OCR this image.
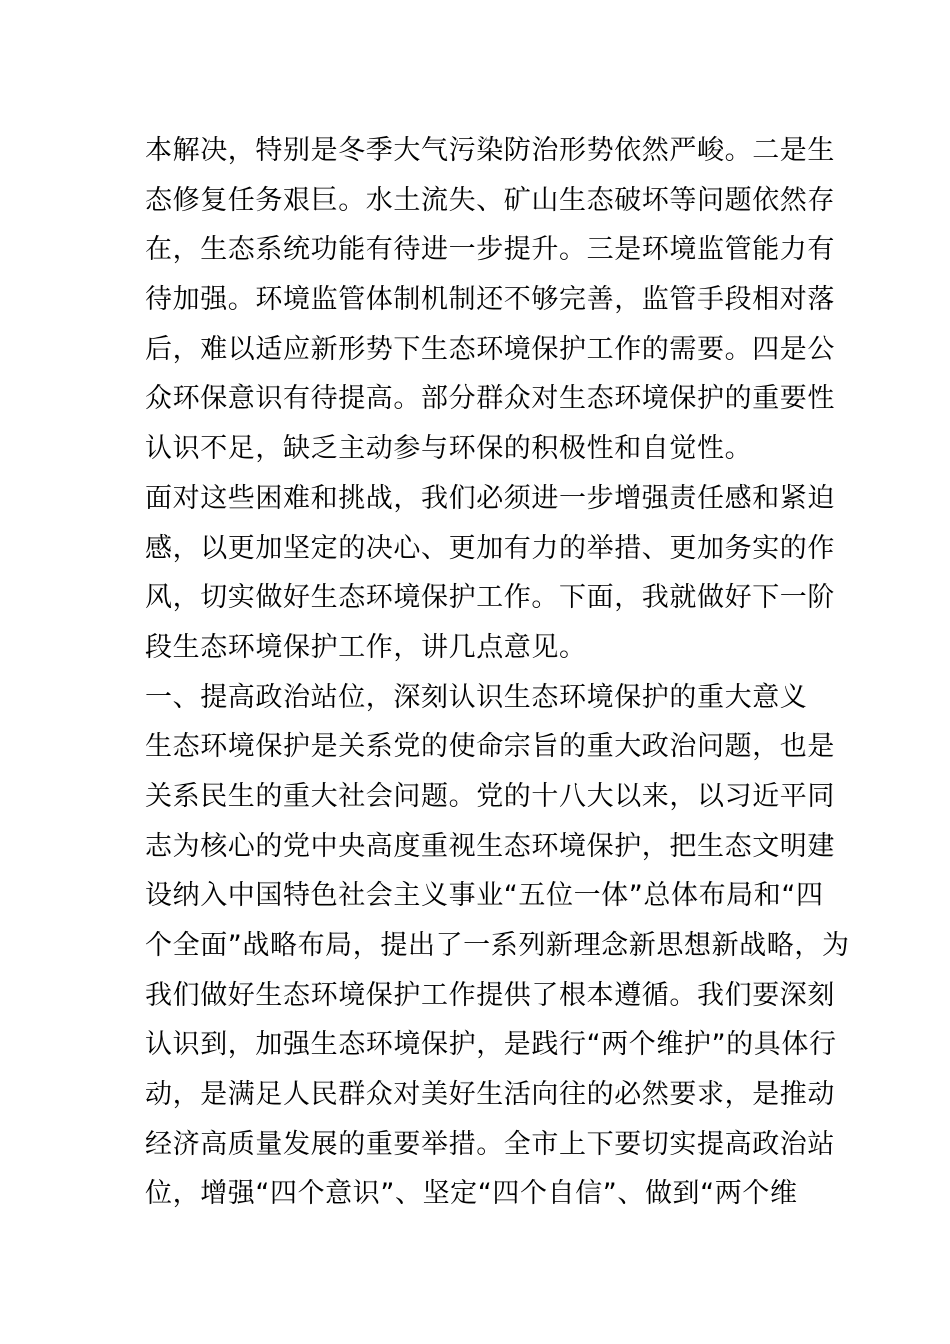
本解决，特别是冬季大气污染防治形势依然严峻。二是生
态修复任务艰巨。水土流失、矿山生态破坏等问题依然存
在，生态系统功能有待进一步提升。三是环境监管能力有
待加强。环境监管体制机制还不够完善，监管手段相对落
后，难以适应新形势下生态环境保护工作的需要。四是公
众环保意识有待提高。部分群众对生态环境保护的重要性
认识不足，缺乏主动参与环保的积极性和自觉性。
面对这些困难和挑战，我们必须进一步增强责任感和紧迫
感，以更加坚定的决心、更加有力的举措、更加务实的作
风，切实做好生态环境保护工作。下面，我就做好下一阶
段生态环境保护工作，讲几点意见。
一、提高政治站位，深刻认识生态环境保护的重大意义
生态环境保护是关系党的使命宗旨的重大政治问题，也是
关系民生的重大社会问题。党的十八大以来，以习近平同
志为核心的党中央高度重视生态环境保护，把生态文明建
设纳入中国特色社会主义事业“五位一体”总体布局和“四
个全面”战略布局，提出了一系列新理念新思想新战略，为
我们做好生态环境保护工作提供了根本遵循。我们要深刻
认识到，加强生态环境保护，是践行“两个维护”的具体行
动，是满足人民群众对美好生活向往的必然要求，是推动
经济高质量发展的重要举措。全市上下要切实提高政治站
位，增强“四个意识”、坚定“四个自信”、做到“两个维
